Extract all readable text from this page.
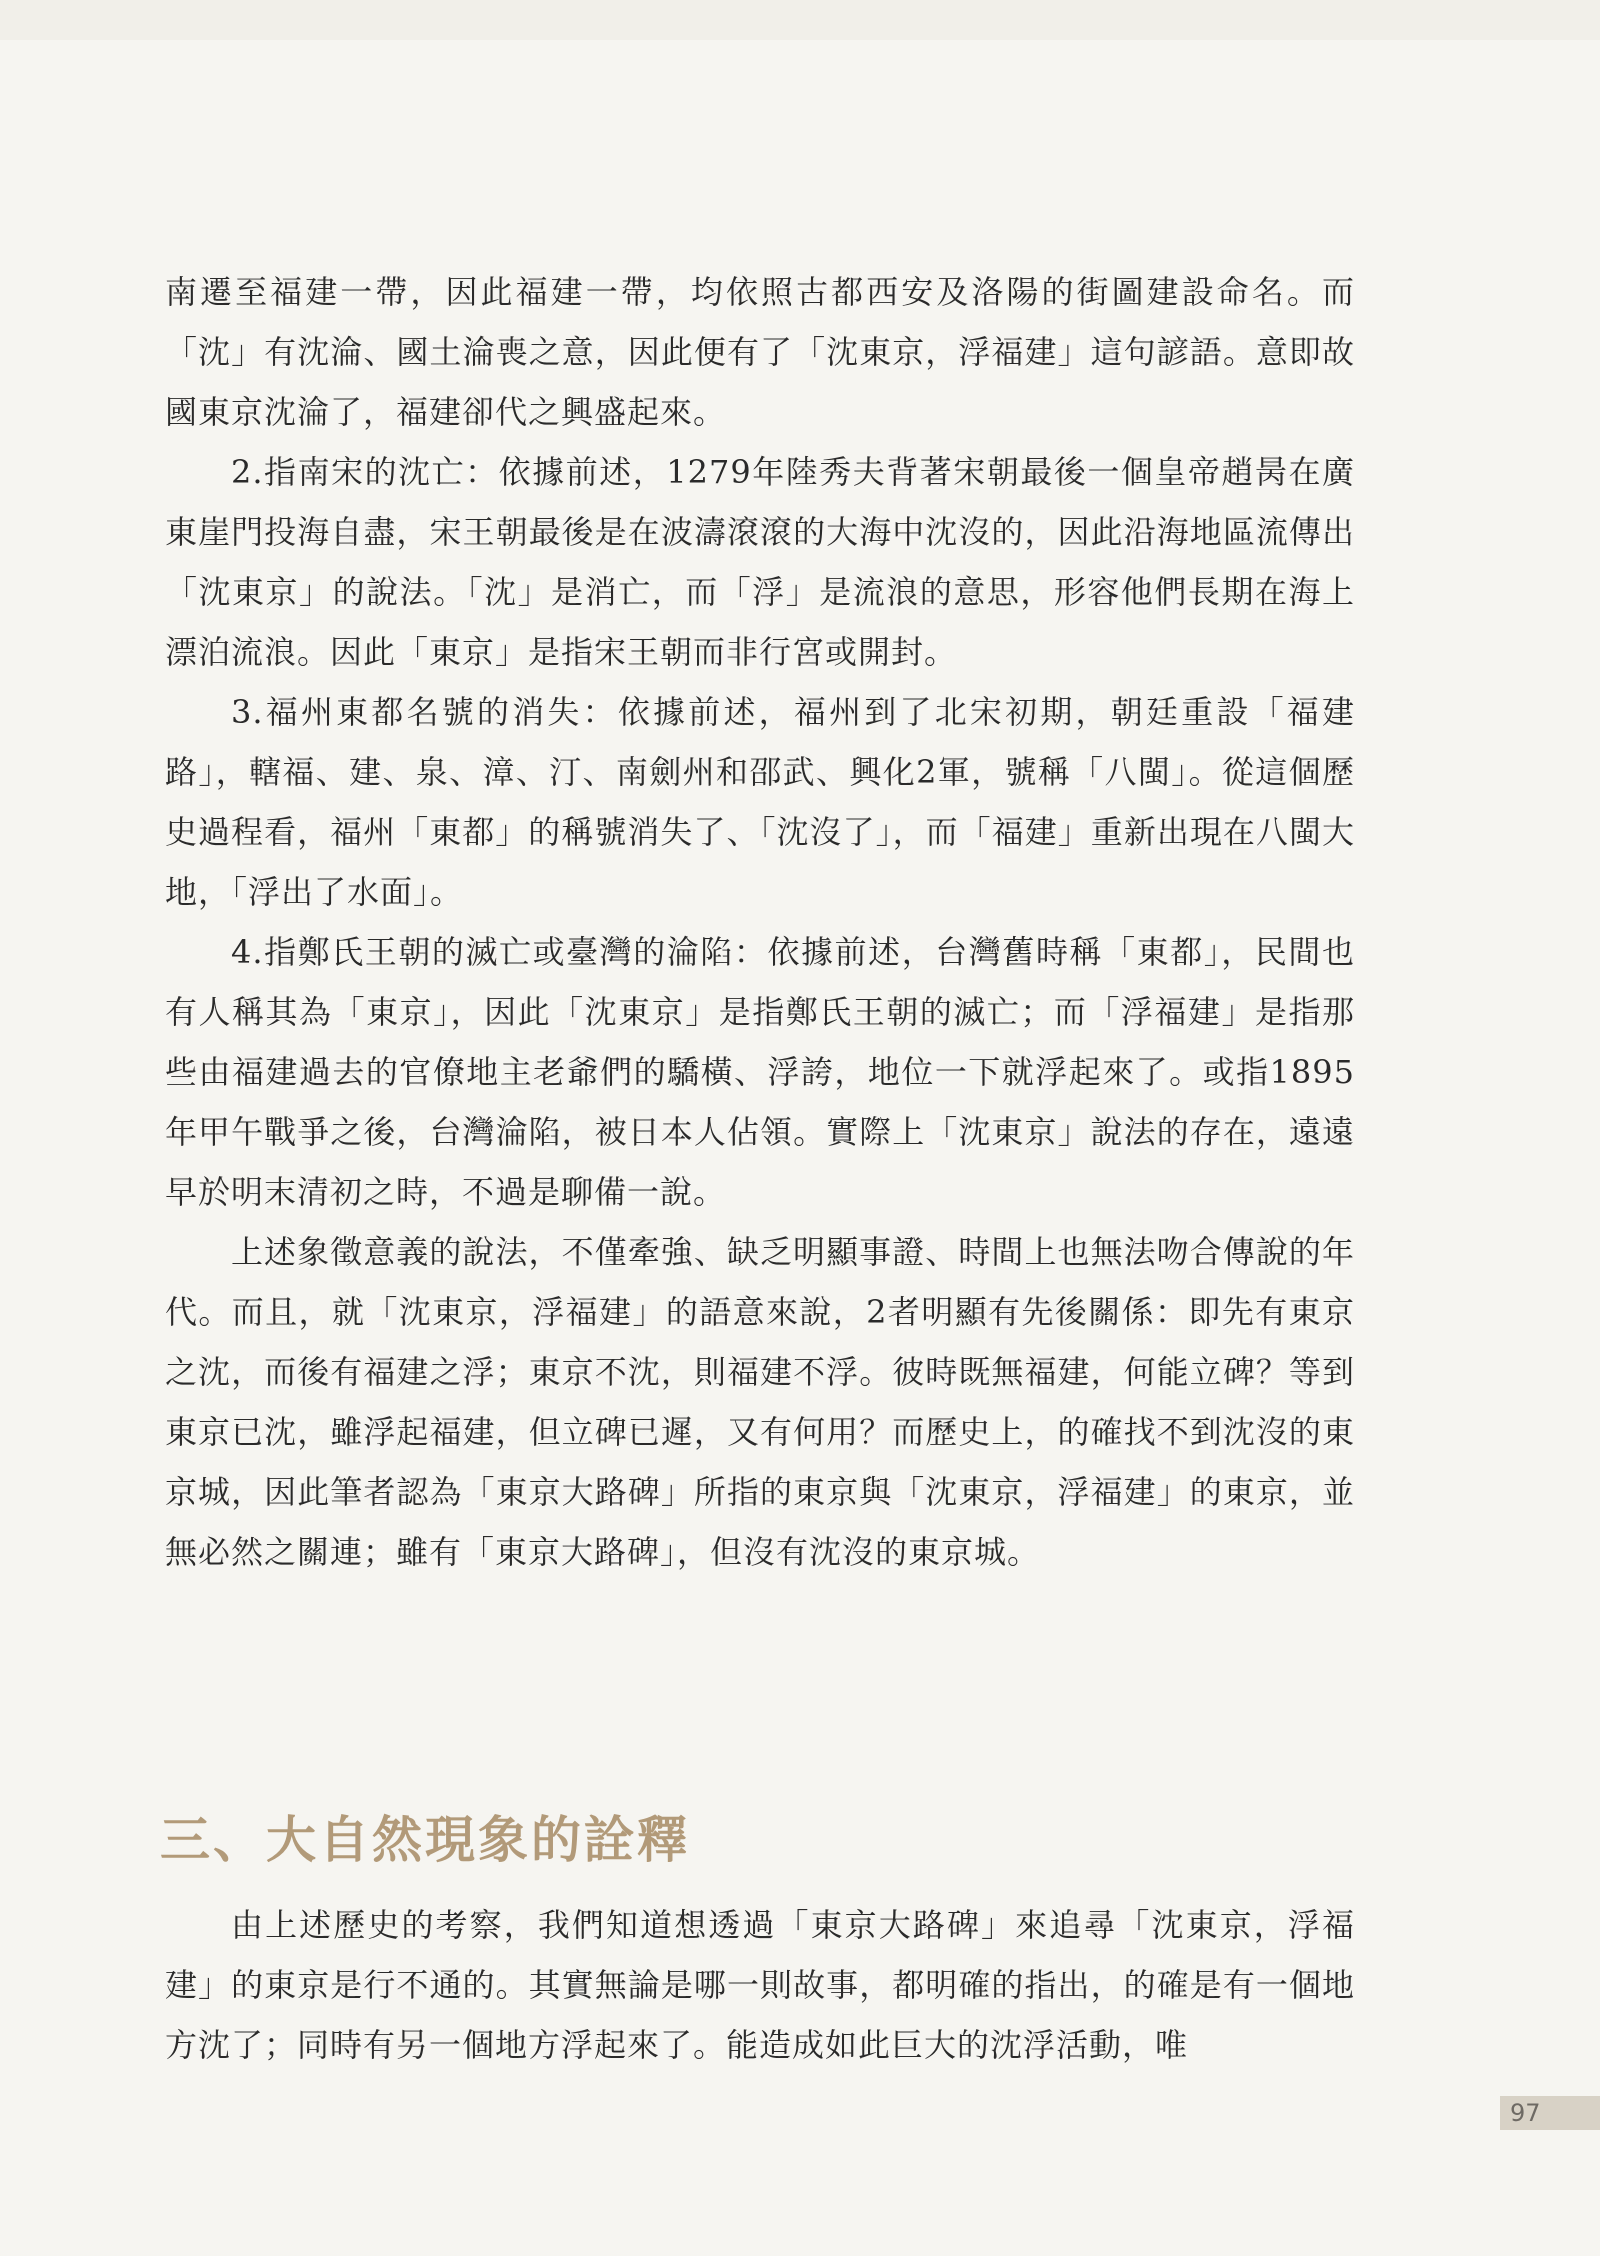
南遷至福建一帶，因此福建一帶，均依照古都西安及洛陽的街圖建設命名。而「沈」有沈淪、國土淪喪之意，因此便有了「沈東京，浮福建」這句諺語。意即故國東京沈淪了，福建卻代之興盛起來。

2.指南宋的沈亡：依據前述，1279年陸秀夫背著宋朝最後一個皇帝趙昺在廣東崖門投海自盡，宋王朝最後是在波濤滾滾的大海中沈沒的，因此沿海地區流傳出「沈東京」的說法。「沈」是消亡，而「浮」是流浪的意思，形容他們長期在海上漂泊流浪。因此「東京」是指宋王朝而非行宮或開封。

3.福州東都名號的消失：依據前述，福州到了北宋初期，朝廷重設「福建路」，轄福、建、泉、漳、汀、南劍州和邵武、興化2軍，號稱「八閩」。從這個歷史過程看，福州「東都」的稱號消失了、「沈沒了」，而「福建」重新出現在八閩大地，「浮出了水面」。

4.指鄭氏王朝的滅亡或臺灣的淪陷：依據前述，台灣舊時稱「東都」，民間也有人稱其為「東京」，因此「沈東京」是指鄭氏王朝的滅亡；而「浮福建」是指那些由福建過去的官僚地主老爺們的驕橫、浮誇，地位一下就浮起來了。或指1895年甲午戰爭之後，台灣淪陷，被日本人佔領。實際上「沈東京」說法的存在，遠遠早於明末清初之時，不過是聊備一說。

上述象徵意義的說法，不僅牽強、缺乏明顯事證、時間上也無法吻合傳說的年代。而且，就「沈東京，浮福建」的語意來說，2者明顯有先後關係：即先有東京之沈，而後有福建之浮；東京不沈，則福建不浮。彼時既無福建，何能立碑？等到東京已沈，雖浮起福建，但立碑已遲，又有何用？而歷史上，的確找不到沈沒的東京城，因此筆者認為「東京大路碑」所指的東京與「沈東京，浮福建」的東京，並無必然之關連；雖有「東京大路碑」，但沒有沈沒的東京城。

三、大自然現象的詮釋

由上述歷史的考察，我們知道想透過「東京大路碑」來追尋「沈東京，浮福建」的東京是行不通的。其實無論是哪一則故事，都明確的指出，的確是有一個地方沈了；同時有另一個地方浮起來了。能造成如此巨大的沈浮活動，唯

97
